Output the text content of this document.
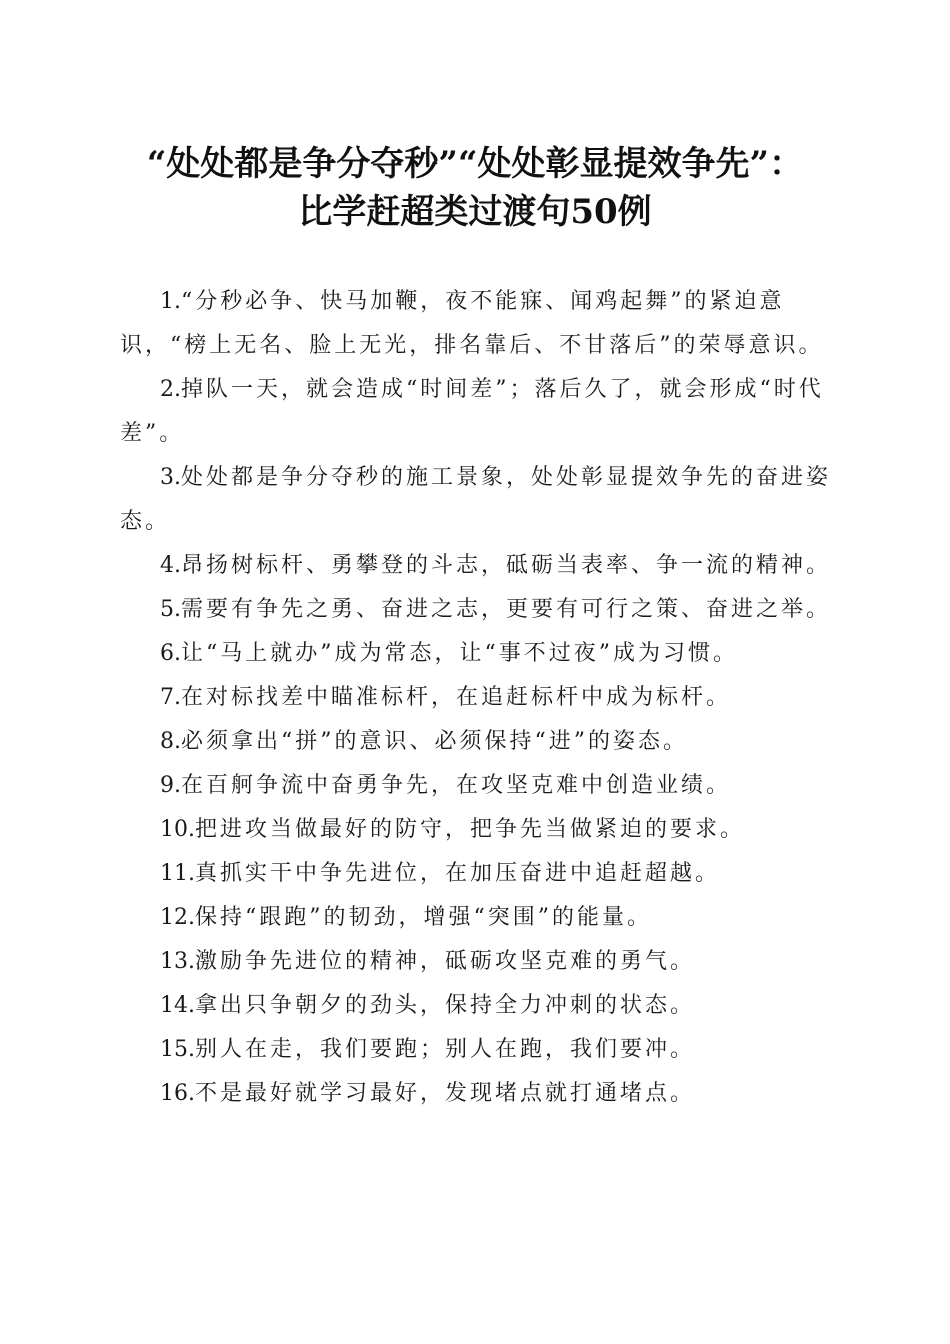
“处处都是争分夺秒”“处处彰显提效争先”：
比学赶超类过渡句50例

1.“分秒必争、快马加鞭，夜不能寐、闻鸡起舞”的紧迫意识，“榜上无名、脸上无光，排名靠后、不甘落后”的荣辱意识。

2.掉队一天，就会造成“时间差”；落后久了，就会形成“时代差”。

3.处处都是争分夺秒的施工景象，处处彰显提效争先的奋进姿态。

4.昂扬树标杆、勇攀登的斗志，砥砺当表率、争一流的精神。

5.需要有争先之勇、奋进之志，更要有可行之策、奋进之举。

6.让“马上就办”成为常态，让“事不过夜”成为习惯。

7.在对标找差中瞄准标杆，在追赶标杆中成为标杆。

8.必须拿出“拼”的意识、必须保持“进”的姿态。

9.在百舸争流中奋勇争先，在攻坚克难中创造业绩。

10.把进攻当做最好的防守，把争先当做紧迫的要求。

11.真抓实干中争先进位，在加压奋进中追赶超越。

12.保持“跟跑”的韧劲，增强“突围”的能量。

13.激励争先进位的精神，砥砺攻坚克难的勇气。

14.拿出只争朝夕的劲头，保持全力冲刺的状态。

15.别人在走，我们要跑；别人在跑，我们要冲。

16.不是最好就学习最好，发现堵点就打通堵点。
